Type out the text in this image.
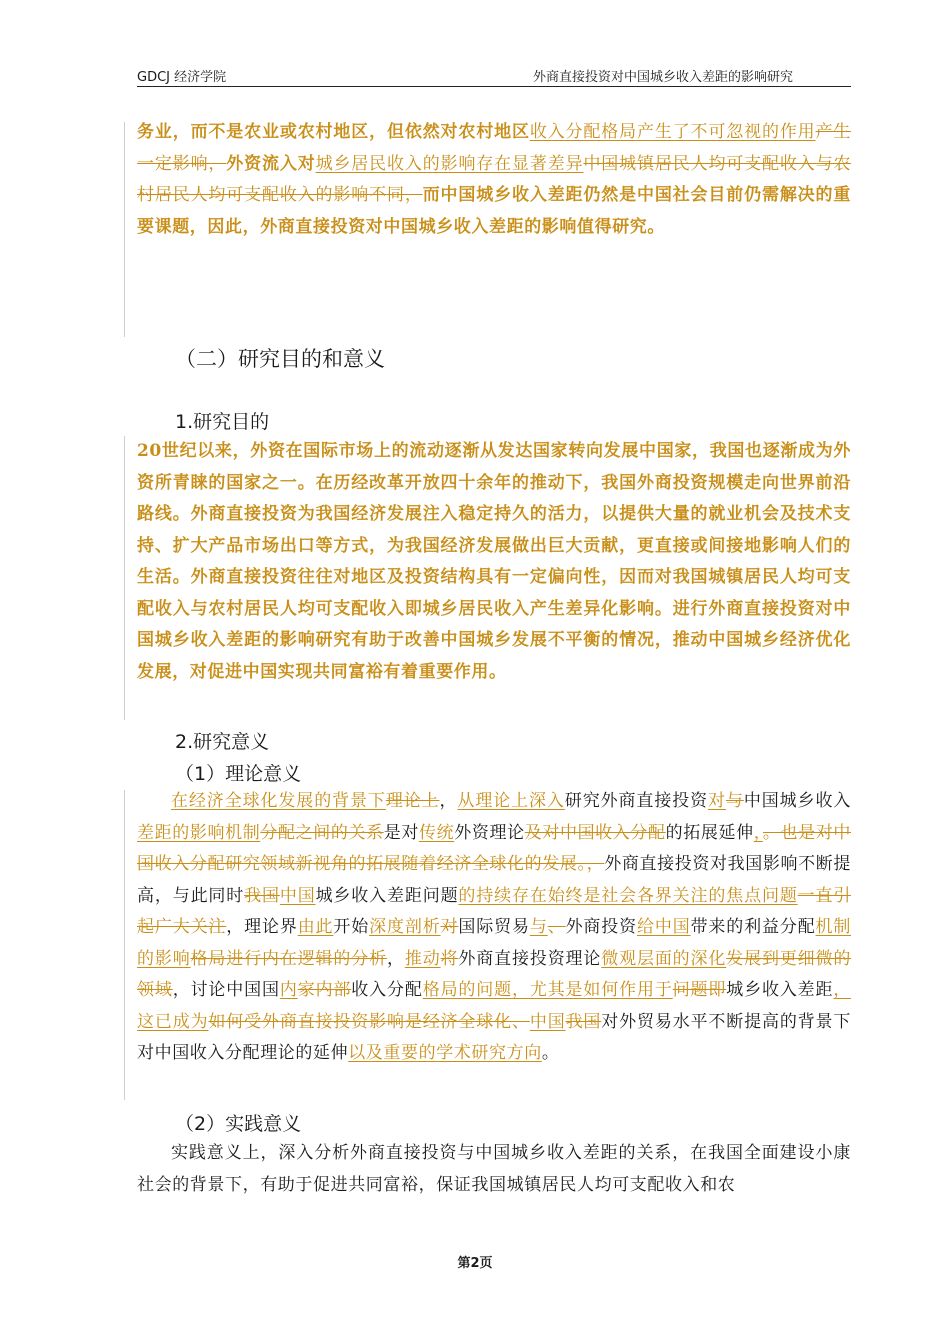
GDCJ 经济学院	外商直接投资对中国城乡收入差距的影响研究
务业，而不是农业或农村地区，但依然对农村地区收入分配格局产生了不可忽视的作用产生一定影响，外资流入对城乡居民收入的影响存在显著差异中国城镇居民人均可支配收入与农村居民人均可支配收入的影响不同，而中国城乡收入差距仍然是中国社会目前仍需解决的重要课题，因此，外商直接投资对中国城乡收入差距的影响值得研究。
（二）研究目的和意义
1.研究目的
20世纪以来，外资在国际市场上的流动逐渐从发达国家转向发展中国家，我国也逐渐成为外资所青睐的国家之一。在历经改革开放四十余年的推动下，我国外商投资规模走向世界前沿路线。外商直接投资为我国经济发展注入稳定持久的活力，以提供大量的就业机会及技术支持、扩大产品市场出口等方式，为我国经济发展做出巨大贡献，更直接或间接地影响人们的生活。外商直接投资往往对地区及投资结构具有一定偏向性，因而对我国城镇居民人均可支配收入与农村居民人均可支配收入即城乡居民收入产生差异化影响。进行外商直接投资对中国城乡收入差距的影响研究有助于改善中国城乡发展不平衡的情况，推动中国城乡经济优化发展，对促进中国实现共同富裕有着重要作用。
2.研究意义
（1）理论意义
在经济全球化发展的背景下理论上，从理论上深入研究外商直接投资对与中国城乡收入差距的影响机制分配之间的关系是对传统外资理论及对中国收入分配的拓展延伸，。也是对中国收入分配研究领域新视角的拓展随着经济全球化的发展。，外商直接投资对我国影响不断提高，与此同时我国中国城乡收入差距问题的持续存在始终是社会各界关注的焦点问题一直引起广大关注，理论界由此开始深度剖析对国际贸易与、外商投资给中国带来的利益分配机制的影响格局进行内在逻辑的分析，推动将外商直接投资理论微观层面的深化发展到更细微的领域，讨论中国国内家内部收入分配格局的问题，尤其是如何作用于问题即城乡收入差距，这已成为如何受外商直接投资影响是经济全球化、中国我国对外贸易水平不断提高的背景下对中国收入分配理论的延伸以及重要的学术研究方向。
（2）实践意义
实践意义上，深入分析外商直接投资与中国城乡收入差距的关系，在我国全面建设小康社会的背景下，有助于促进共同富裕，保证我国城镇居民人均可支配收入和农
第2页
